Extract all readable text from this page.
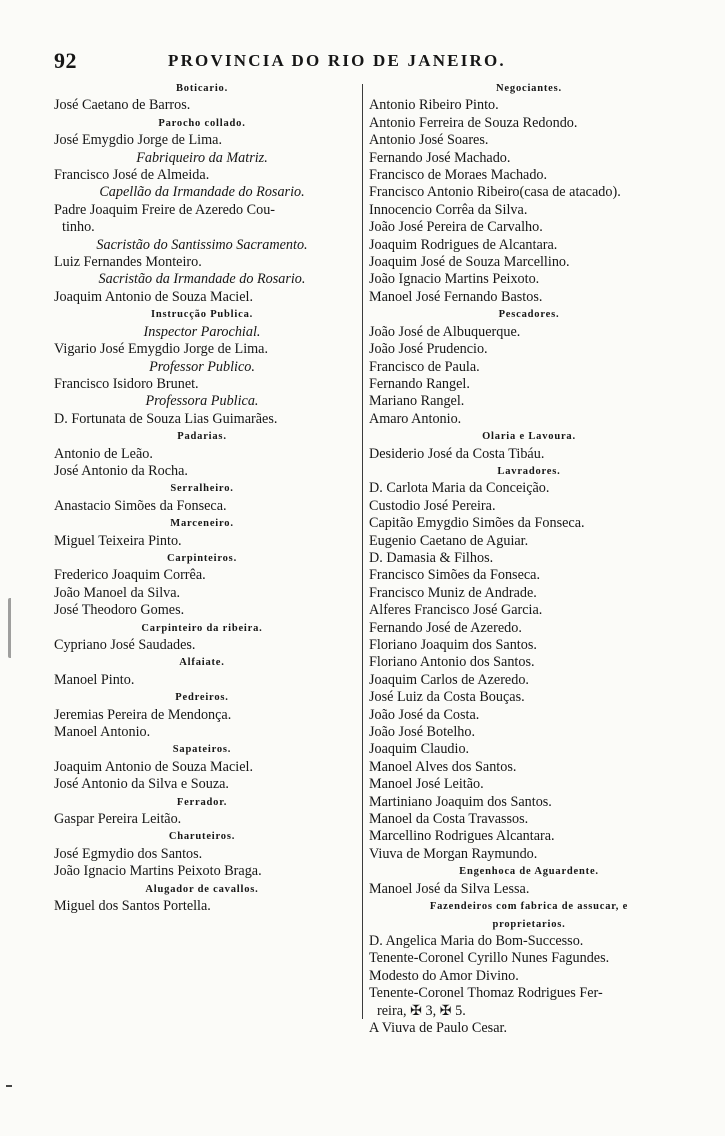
92	PROVINCIA DO RIO DE JANEIRO.
Boticario.
José Caetano de Barros.
Parocho collado.
José Emygdio Jorge de Lima.
Fabriqueiro da Matriz.
Francisco José de Almeida.
Capellão da Irmandade do Rosario.
Padre Joaquim Freire de Azeredo Cou-
tinho.
Sacristão do Santissimo Sacramento.
Luiz Fernandes Monteiro.
Sacristão da Irmandade do Rosario.
Joaquim Antonio de Souza Maciel.
Instrucção Publica.
Inspector Parochial.
Vigario José Emygdio Jorge de Lima.
Professor Publico.
Francisco Isidoro Brunet.
Professora Publica.
D. Fortunata de Souza Lias Guimarães.
Padarias.
Antonio de Leão.
José Antonio da Rocha.
Serralheiro.
Anastacio Simões da Fonseca.
Marceneiro.
Miguel Teixeira Pinto.
Carpinteiros.
Frederico Joaquim Corrêa.
João Manoel da Silva.
José Theodoro Gomes.
Carpinteiro da ribeira.
Cypriano José Saudades.
Alfaiate.
Manoel Pinto.
Pedreiros.
Jeremias Pereira de Mendonça.
Manoel Antonio.
Sapateiros.
Joaquim Antonio de Souza Maciel.
José Antonio da Silva e Souza.
Ferrador.
Gaspar Pereira Leitão.
Charuteiros.
José Egmydio dos Santos.
João Ignacio Martins Peixoto Braga.
Alugador de cavallos.
Miguel dos Santos Portella.
Negociantes.
Antonio Ribeiro Pinto.
Antonio Ferreira de Souza Redondo.
Antonio José Soares.
Fernando José Machado.
Francisco de Moraes Machado.
Francisco Antonio Ribeiro(casa de atacado).
Innocencio Corrêa da Silva.
João José Pereira de Carvalho.
Joaquim Rodrigues de Alcantara.
Joaquim José de Souza Marcellino.
João Ignacio Martins Peixoto.
Manoel José Fernando Bastos.
Pescadores.
João José de Albuquerque.
João José Prudencio.
Francisco de Paula.
Fernando Rangel.
Mariano Rangel.
Amaro Antonio.
Olaria e Lavoura.
Desiderio José da Costa Tibáu.
Lavradores.
D. Carlota Maria da Conceição.
Custodio José Pereira.
Capitão Emygdio Simões da Fonseca.
Eugenio Caetano de Aguiar.
D. Damasia & Filhos.
Francisco Simões da Fonseca.
Francisco Muniz de Andrade.
Alferes Francisco José Garcia.
Fernando José de Azeredo.
Floriano Joaquim dos Santos.
Floriano Antonio dos Santos.
Joaquim Carlos de Azeredo.
José Luiz da Costa Bouças.
João José da Costa.
João José Botelho.
Joaquim Claudio.
Manoel Alves dos Santos.
Manoel José Leitão.
Martiniano Joaquim dos Santos.
Manoel da Costa Travassos.
Marcellino Rodrigues Alcantara.
Viuva de Morgan Raymundo.
Engenhoca de Aguardente.
Manoel José da Silva Lessa.
Fazendeiros com fabrica de assucar, e
proprietarios.
D. Angelica Maria do Bom-Successo.
Tenente-Coronel Cyrillo Nunes Fagundes.
Modesto do Amor Divino.
Tenente-Coronel Thomaz Rodrigues Fer-
reira, ✠ 3, ✠ 5.
A Viuva de Paulo Cesar.
